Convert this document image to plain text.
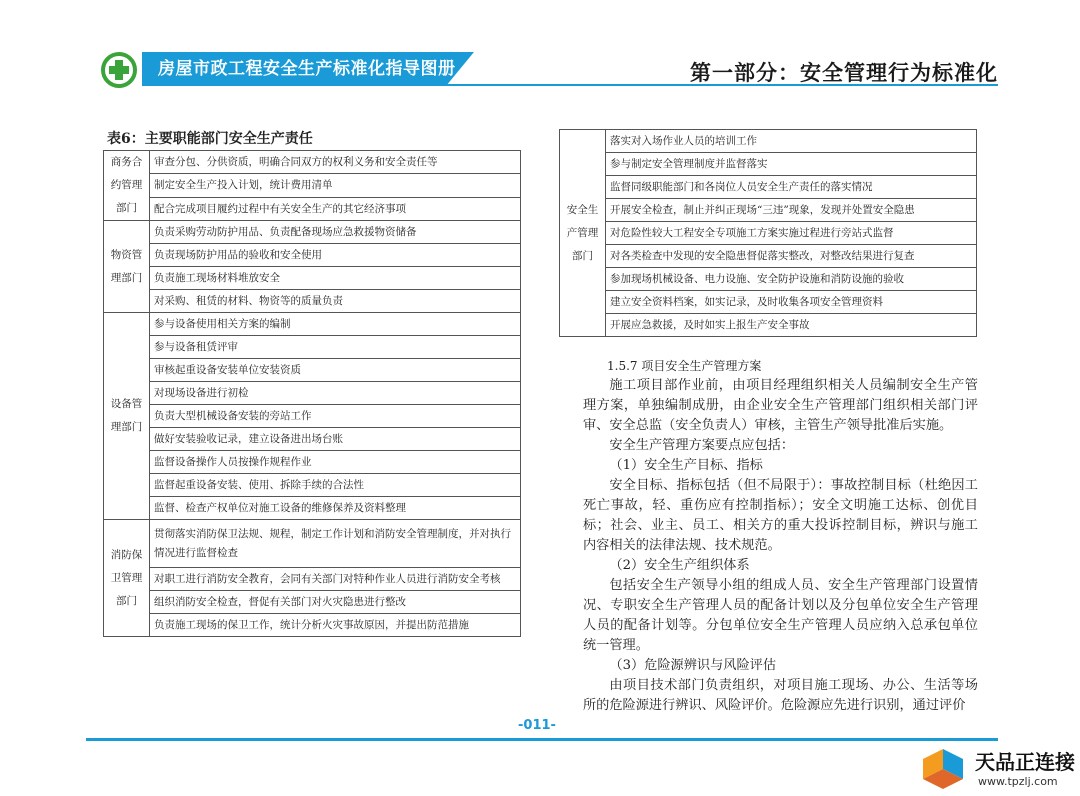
房屋市政工程安全生产标准化指导图册	第一部分：安全管理行为标准化
表6：主要职能部门安全生产责任
商务合
约管理
部门	审查分包、分供资质，明确合同双方的权利义务和安全责任等
	制定安全生产投入计划，统计费用清单
	配合完成项目履约过程中有关安全生产的其它经济事项

物资管
理部门	负责采购劳动防护用品、负责配备现场应急救援物资储备
	负责现场防护用品的验收和安全使用
	负责施工现场材料堆放安全
	对采购、租赁的材料、物资等的质量负责

设备管
理部门	参与设备使用相关方案的编制
	参与设备租赁评审
	审核起重设备安装单位安装资质
	对现场设备进行初检
	负责大型机械设备安装的旁站工作
	做好安装验收记录，建立设备进出场台账
	监督设备操作人员按操作规程作业
	监督起重设备安装、使用、拆除手续的合法性
	监督、检查产权单位对施工设备的维修保养及资料整理

消防保
卫管理
部门	贯彻落实消防保卫法规、规程，制定工作计划和消防安全管理制度，并对执行情况进行监督检查
	对职工进行消防安全教育，会同有关部门对特种作业人员进行消防安全考核
	组织消防安全检查，督促有关部门对火灾隐患进行整改
	负责施工现场的保卫工作，统计分析火灾事故原因，并提出防范措施
安全生
产管理
部门
	落实对入场作业人员的培训工作
参与制定安全管理制度并监督落实
监督同级职能部门和各岗位人员安全生产责任的落实情况
开展安全检查，制止并纠正现场“三违”现象，发现并处置安全隐患
对危险性较大工程安全专项施工方案实施过程进行旁站式监督
对各类检查中发现的安全隐患督促落实整改，对整改结果进行复查
参加现场机械设备、电力设施、安全防护设施和消防设施的验收
建立安全资料档案，如实记录，及时收集各项安全管理资料
开展应急救援，及时如实上报生产安全事故

1.5.7 项目安全生产管理方案

施工项目部作业前，由项目经理组织相关人员编制安全生产管理方案，单独编制成册，由企业安全生产管理部门组织相关部门评审、安全总监（安全负责人）审核，主管生产领导批准后实施。

安全生产管理方案要点应包括：

（1）安全生产目标、指标

安全目标、指标包括（但不局限于）：事故控制目标（杜绝因工死亡事故，轻、重伤应有控制指标）；安全文明施工达标、创优目标；社会、业主、员工、相关方的重大投诉控制目标，辨识与施工内容相关的法律法规、技术规范。

（2）安全生产组织体系

包括安全生产领导小组的组成人员、安全生产管理部门设置情况、专职安全生产管理人员的配备计划以及分包单位安全生产管理人员的配备计划等。分包单位安全生产管理人员应纳入总承包单位统一管理。

（3）危险源辨识与风险评估

由项目技术部门负责组织，对项目施工现场、办公、生活等场所的危险源进行辨识、风险评价。危险源应先进行识别，通过评价

-011-
天品正连接
www.tpzlj.com
